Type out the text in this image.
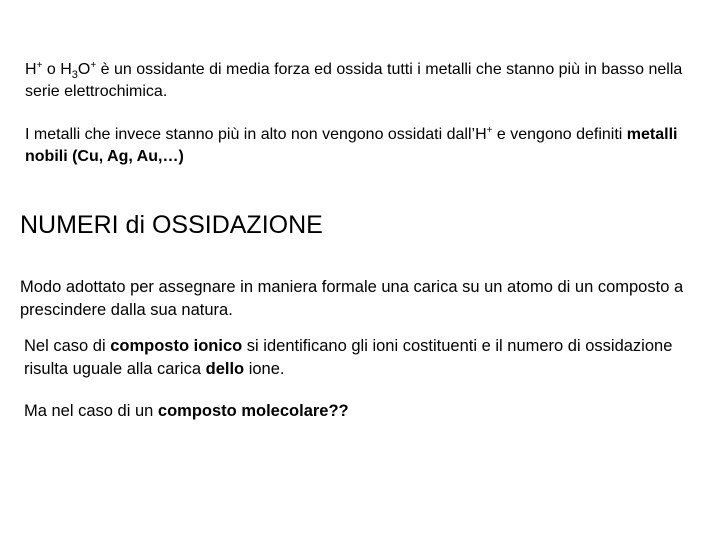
H+ o $H_3O^+$ è un ossidante di media forza ed ossida tutti i metalli che stanno più in basso nella serie elettrochimica.

I metalli che invece stanno più in alto non vengono ossidati dall’H+ e vengono definiti metalli nobili (Cu, Ag, Au,…)

NUMERI di OSSIDAZIONE

Modo adottato per assegnare in maniera formale una carica su un atomo di un composto a prescindere dalla sua natura.

Nel caso di composto ionico si identificano gli ioni costituenti e il numero di ossidazione risulta uguale alla carica dello ione.

Ma nel caso di un composto molecolare??
